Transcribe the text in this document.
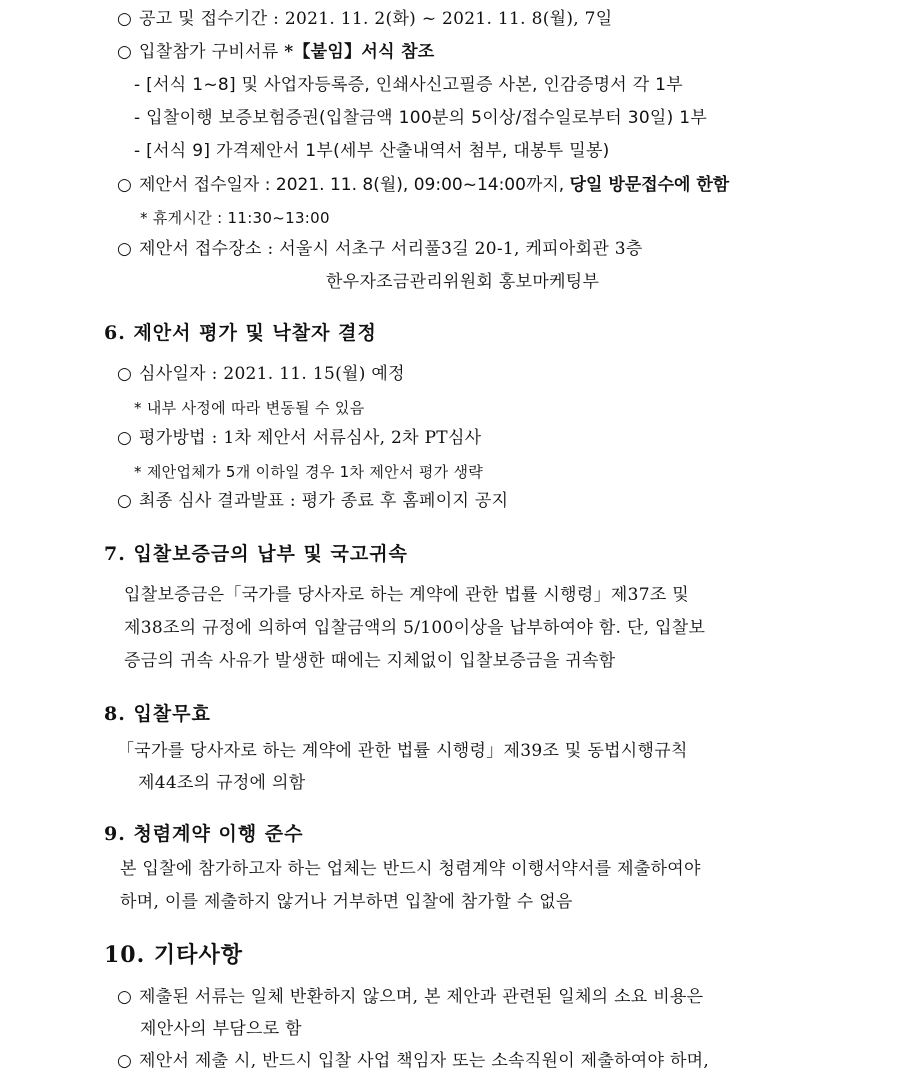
○ 공고 및 접수기간 : 2021. 11. 2(화) ~ 2021. 11. 8(월), 7일
○ 입찰참가 구비서류 *【붙임】서식 참조
- [서식 1~8] 및 사업자등록증, 인쇄사신고필증 사본, 인감증명서 각 1부
- 입찰이행 보증보험증권(입찰금액 100분의 5이상/접수일로부터 30일) 1부
- [서식 9] 가격제안서 1부(세부 산출내역서 첨부, 대봉투 밀봉)
○ 제안서 접수일자 : 2021. 11. 8(월), 09:00~14:00까지, 당일 방문접수에 한함
* 휴게시간 : 11:30~13:00
○ 제안서 접수장소 : 서울시 서초구 서리풀3길 20-1, 케피아회관 3층
한우자조금관리위원회 홍보마케팅부
6. 제안서 평가 및 낙찰자 결정
○ 심사일자 : 2021. 11. 15(월) 예정
* 내부 사정에 따라 변동될 수 있음
○ 평가방법 : 1차 제안서 서류심사, 2차 PT심사
* 제안업체가 5개 이하일 경우 1차 제안서 평가 생략
○ 최종 심사 결과발표 : 평가 종료 후 홈페이지 공지
7. 입찰보증금의 납부 및 국고귀속
입찰보증금은「국가를 당사자로 하는 계약에 관한 법률 시행령」제37조 및
제38조의 규정에 의하여 입찰금액의 5/100이상을 납부하여야 함. 단, 입찰보
증금의 귀속 사유가 발생한 때에는 지체없이 입찰보증금을 귀속함
8. 입찰무효
「국가를 당사자로 하는 계약에 관한 법률 시행령」제39조 및 동법시행규칙
제44조의 규정에 의함
9. 청렴계약 이행 준수
본 입찰에 참가하고자 하는 업체는 반드시 청렴계약 이행서약서를 제출하여야
하며, 이를 제출하지 않거나 거부하면 입찰에 참가할 수 없음
10. 기타사항
○ 제출된 서류는 일체 반환하지 않으며, 본 제안과 관련된 일체의 소요 비용은
제안사의 부담으로 함
○ 제안서 제출 시, 반드시 입찰 사업 책임자 또는 소속직원이 제출하여야 하며,
